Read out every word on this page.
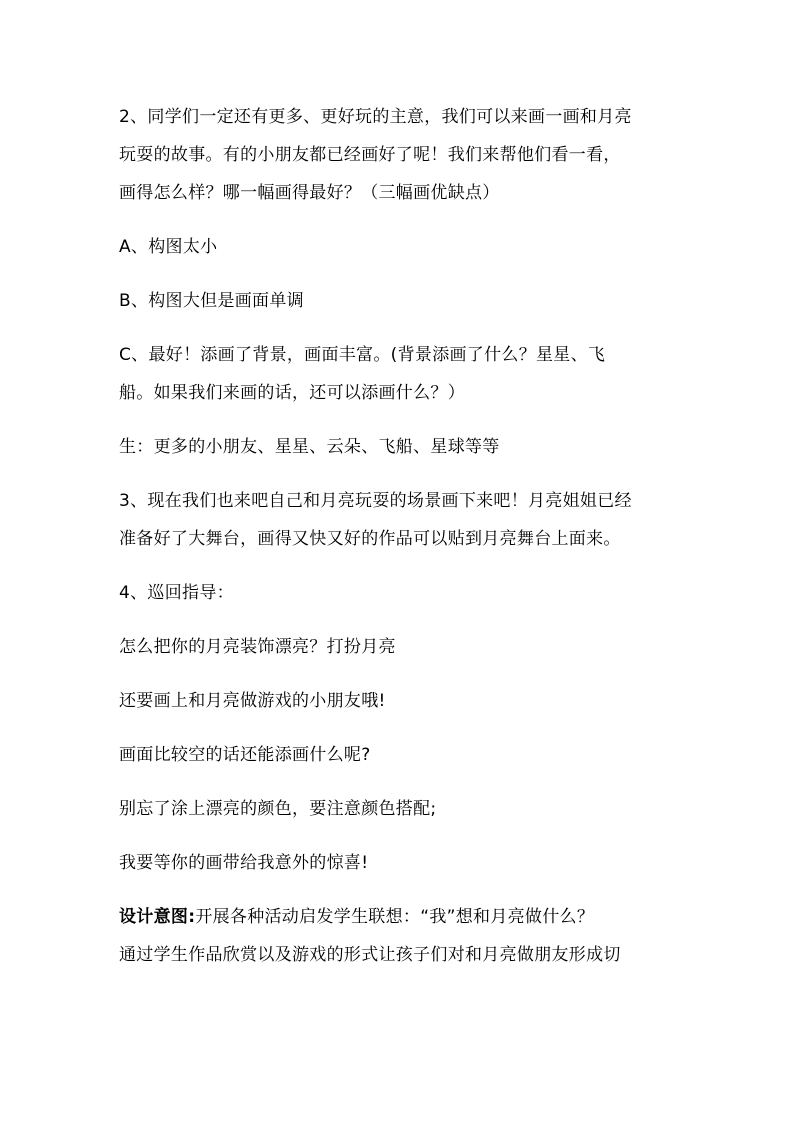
2、同学们一定还有更多、更好玩的主意，我们可以来画一画和月亮
玩耍的故事。有的小朋友都已经画好了呢！我们来帮他们看一看，
画得怎么样？哪一幅画得最好？（三幅画优缺点）

A、构图太小

B、构图大但是画面单调

C、最好！添画了背景，画面丰富。(背景添画了什么？星星、飞
船。如果我们来画的话，还可以添画什么？）

生：更多的小朋友、星星、云朵、飞船、星球等等

3、现在我们也来吧自己和月亮玩耍的场景画下来吧！月亮姐姐已经
准备好了大舞台，画得又快又好的作品可以贴到月亮舞台上面来。

4、巡回指导：

怎么把你的月亮装饰漂亮？打扮月亮

还要画上和月亮做游戏的小朋友哦!

画面比较空的话还能添画什么呢?

别忘了涂上漂亮的颜色，要注意颜色搭配;

我要等你的画带给我意外的惊喜!

设计意图:开展各种活动启发学生联想：“我”想和月亮做什么？
通过学生作品欣赏以及游戏的形式让孩子们对和月亮做朋友形成切
